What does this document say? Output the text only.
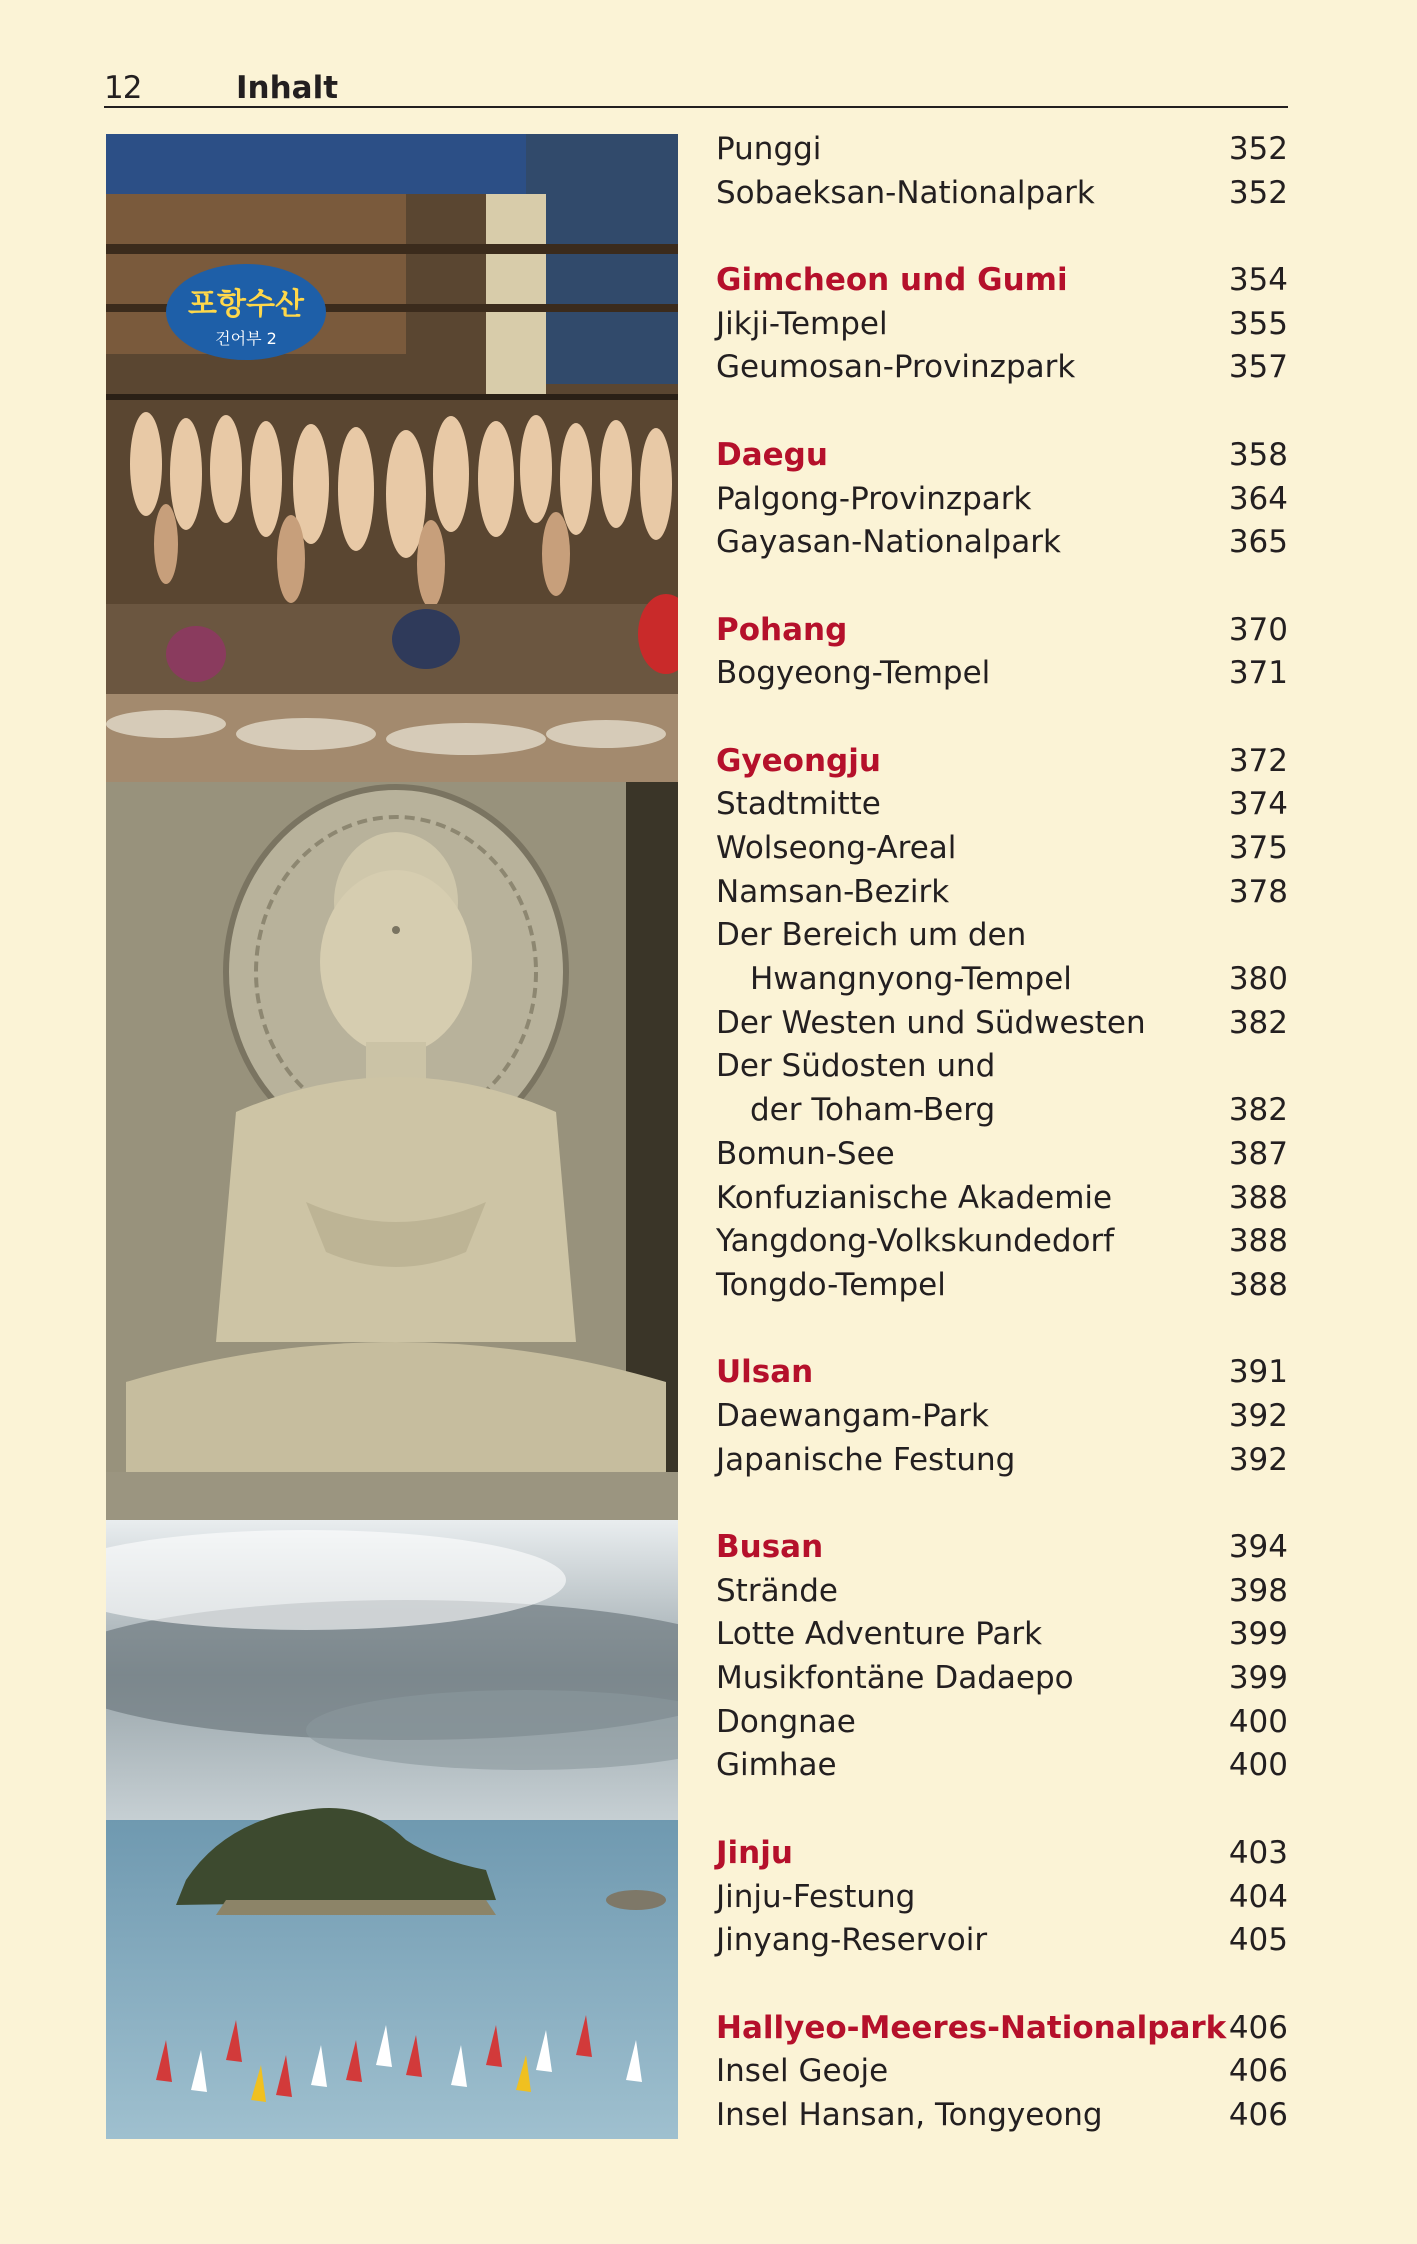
12	Inhalt
포항수산
건어부 2
Punggi	352
Sobaeksan-Nationalpark	352
Gimcheon und Gumi	354
Jikji-Tempel	355
Geumosan-Provinzpark	357
Daegu	358
Palgong-Provinzpark	364
Gayasan-Nationalpark	365
Pohang	370
Bogyeong-Tempel	371
Gyeongju	372
Stadtmitte	374
Wolseong-Areal	375
Namsan-Bezirk	378
Der Bereich um den
Hwangnyong-Tempel	380
Der Westen und Südwesten	382
Der Südosten und
der Toham-Berg	382
Bomun-See	387
Konfuzianische Akademie	388
Yangdong-Volkskundedorf	388
Tongdo-Tempel	388
Ulsan	391
Daewangam-Park	392
Japanische Festung	392
Busan	394
Strände	398
Lotte Adventure Park	399
Musikfontäne Dadaepo	399
Dongnae	400
Gimhae	400
Jinju	403
Jinju-Festung	404
Jinyang-Reservoir	405
Hallyeo-Meeres-Nationalpark 406
Insel Geoje	406
Insel Hansan, Tongyeong	406
